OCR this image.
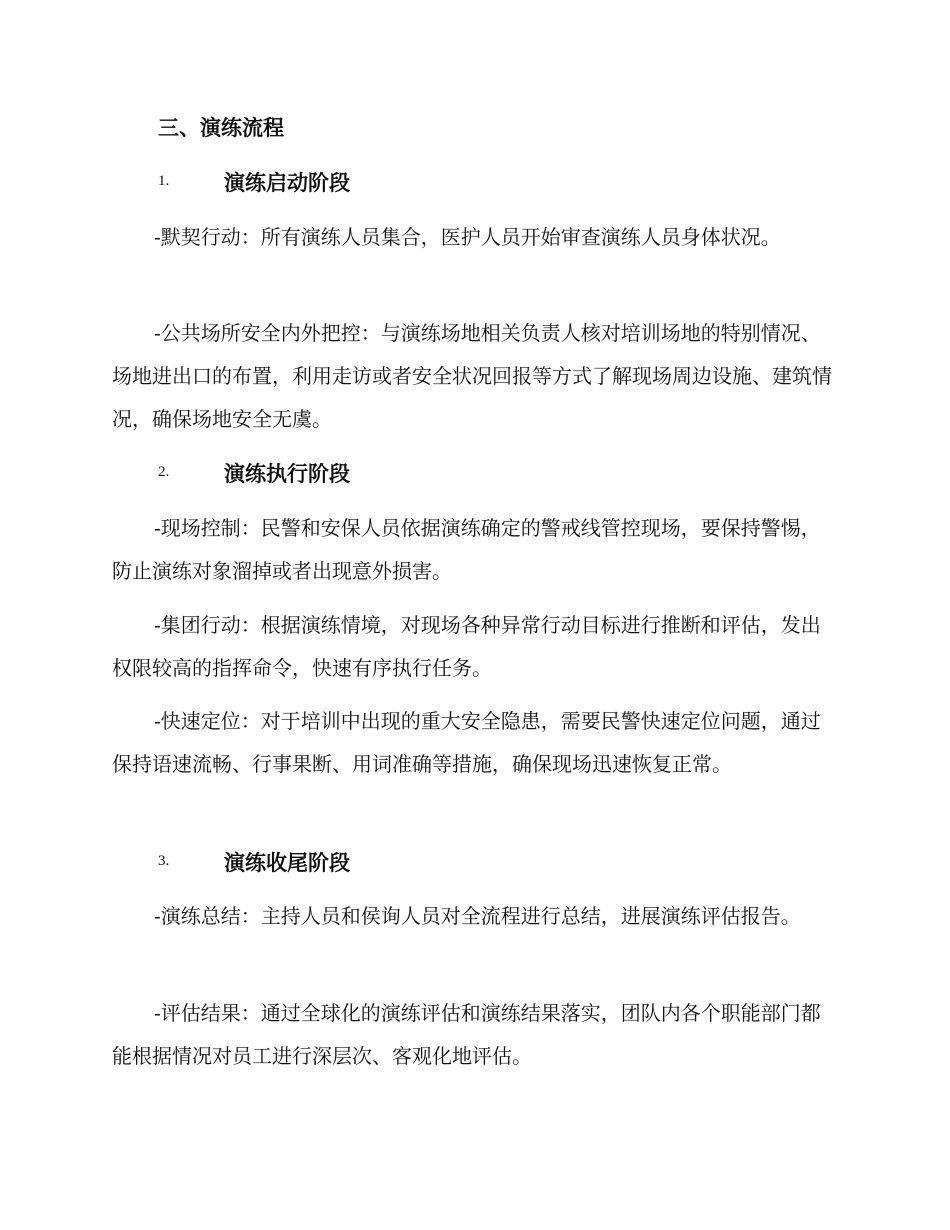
三、演练流程
1.	演练启动阶段

-默契行动：所有演练人员集合，医护人员开始审查演练人员身体状况。

-公共场所安全内外把控：与演练场地相关负责人核对培训场地的特别情况、场地进出口的布置，利用走访或者安全状况回报等方式了解现场周边设施、建筑情况，确保场地安全无虞。

2.	演练执行阶段

-现场控制：民警和安保人员依据演练确定的警戒线管控现场，要保持警惕，防止演练对象溜掉或者出现意外损害。

-集团行动：根据演练情境，对现场各种异常行动目标进行推断和评估，发出权限较高的指挥命令，快速有序执行任务。

-快速定位：对于培训中出现的重大安全隐患，需要民警快速定位问题，通过保持语速流畅、行事果断、用词准确等措施，确保现场迅速恢复正常。

3.	演练收尾阶段

-演练总结：主持人员和侯询人员对全流程进行总结，进展演练评估报告。

-评估结果：通过全球化的演练评估和演练结果落实，团队内各个职能部门都能根据情况对员工进行深层次、客观化地评估。
